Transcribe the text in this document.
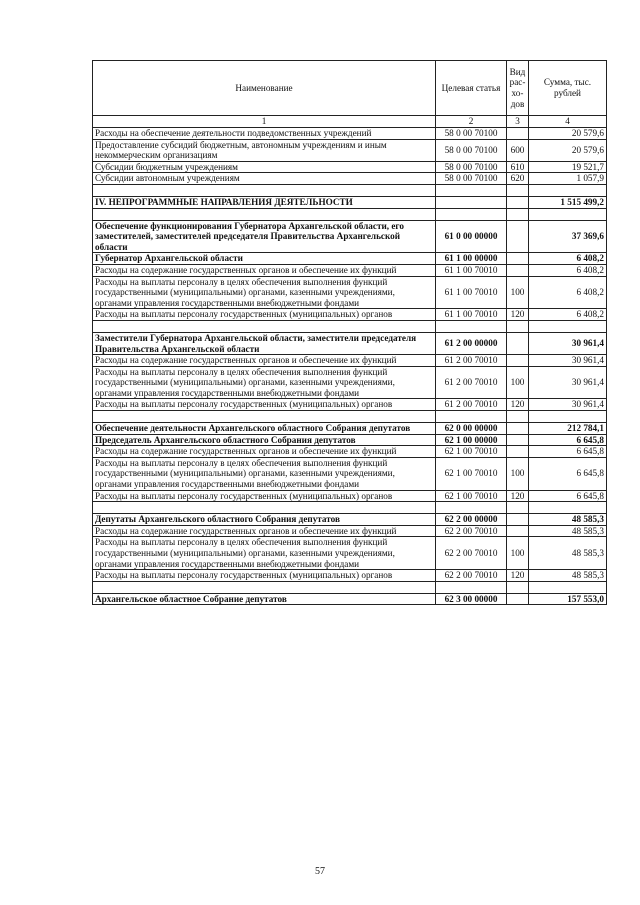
Наименование	Целевая статья	Вид
рас-
хо-
дов	Сумма, тыс. рублей
1	2	3	4
Расходы на обеспечение деятельности подведомственных учреждений	58 0 00 70100		20 579,6
Предоставление субсидий бюджетным, автономным учреждениям и иным некоммерческим организациям	58 0 00 70100	600	20 579,6
Субсидии бюджетным учреждениям	58 0 00 70100	610	19 521,7
Субсидии автономным учреждениям	58 0 00 70100	620	1 057,9

IV. НЕПРОГРАММНЫЕ НАПРАВЛЕНИЯ ДЕЯТЕЛЬНОСТИ			1 515 499,2

Обеспечение функционирования Губернатора Архангельской области, его заместителей, заместителей председателя Правительства Архангельской области	61 0 00 00000		37 369,6
Губернатор Архангельской области	61 1 00 00000		6 408,2
Расходы на содержание государственных органов и обеспечение их функций	61 1 00 70010		6 408,2
Расходы на выплаты персоналу в целях обеспечения выполнения функций государственными (муниципальными) органами, казенными учреждениями, органами управления государственными внебюджетными фондами	61 1 00 70010	100	6 408,2
Расходы на выплаты персоналу государственных (муниципальных) органов	61 1 00 70010	120	6 408,2

Заместители Губернатора Архангельской области, заместители председателя Правительства Архангельской области	61 2 00 00000		30 961,4
Расходы на содержание государственных органов и обеспечение их функций	61 2 00 70010		30 961,4
Расходы на выплаты персоналу в целях обеспечения выполнения функций государственными (муниципальными) органами, казенными учреждениями, органами управления государственными внебюджетными фондами	61 2 00 70010	100	30 961,4
Расходы на выплаты персоналу государственных (муниципальных) органов	61 2 00 70010	120	30 961,4

Обеспечение деятельности Архангельского областного Собрания депутатов	62 0 00 00000		212 784,1
Председатель Архангельского областного Собрания депутатов	62 1 00 00000		6 645,8
Расходы на содержание государственных органов и обеспечение их функций	62 1 00 70010		6 645,8
Расходы на выплаты персоналу в целях обеспечения выполнения функций государственными (муниципальными) органами, казенными учреждениями, органами управления государственными внебюджетными фондами	62 1 00 70010	100	6 645,8
Расходы на выплаты персоналу государственных (муниципальных) органов	62 1 00 70010	120	6 645,8

Депутаты Архангельского областного Собрания депутатов	62 2 00 00000		48 585,3
Расходы на содержание государственных органов и обеспечение их функций	62 2 00 70010		48 585,3
Расходы на выплаты персоналу в целях обеспечения выполнения функций государственными (муниципальными) органами, казенными учреждениями, органами управления государственными внебюджетными фондами	62 2 00 70010	100	48 585,3
Расходы на выплаты персоналу государственных (муниципальных) органов	62 2 00 70010	120	48 585,3

Архангельское областное Собрание депутатов	62 3 00 00000		157 553,0
57
